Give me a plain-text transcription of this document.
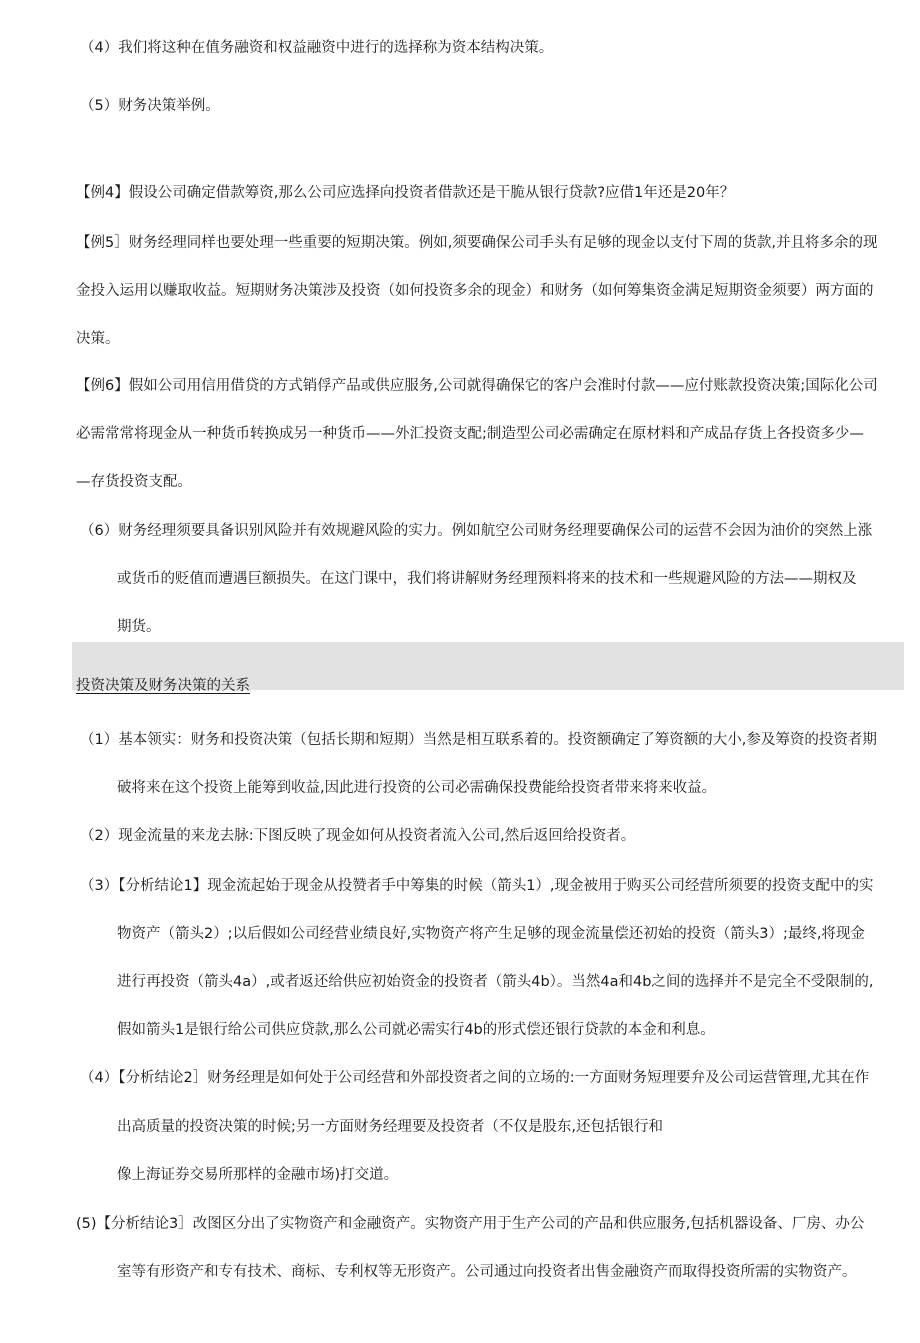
（4）我们将这种在值务融资和权益融资中进行的选择称为资本结构决策。
（5）财务决策举例。
【例4】假设公司确定借款筹资,那么公司应选择向投资者借款还是干脆从银行贷款?应借1年还是20年？
【例5］财务经理同样也要处理一些重要的短期决策。例如,须要确保公司手头有足够的现金以支付下周的货款,并且将多余的现
金投入运用以赚取收益。短期财务决策涉及投资（如何投资多余的现金）和财务（如何筹集资金满足短期资金须要）两方面的
决策。
【例6】假如公司用信用借贷的方式销俘产品或供应服务,公司就得确保它的客户会准时付款——应付账款投资决策;国际化公司
必需常常将现金从一种货币转换成另一种货币——外汇投资支配;制造型公司必需确定在原材料和产成品存货上各投资多少—
—存货投资支配。
（6）财务经理须要具备识别风险并有效规避风险的实力。例如航空公司财务经理要确保公司的运营不会因为油价的突然上涨
或货币的贬值而遭遇巨额损失。在这门课中，我们将讲解财务经理预料将来的技术和一些规避风险的方法——期权及
期货。
投资决策及财务决策的关系
（1）基本领实：财务和投资决策（包括长期和短期）当然是相互联系着的。投资额确定了筹资额的大小,参及筹资的投资者期
破将来在这个投资上能筹到收益,因此进行投资的公司必需确保投费能给投资者带来将来收益。
（2）现金流量的来龙去脉:下图反映了现金如何从投资者流入公司,然后返回给投资者。
（3）【分析结论1】现金流起始于现金从投赞者手中筹集的时候（箭头1）,现金被用于购买公司经营所须要的投资支配中的实
物资产（箭头2）;以后假如公司经营业绩良好,实物资产将产生足够的现金流量偿还初始的投资（箭头3）;最终,将现金
进行再投资（箭头4a）,或者返还给供应初始资金的投资者（箭头4b）。当然4a和4b之间的选择并不是完全不受限制的,
假如箭头1是银行给公司供应贷款,那么公司就必需实行4b的形式偿还银行贷款的本金和利息。
（4）【分析结论2］财务经理是如何处于公司经营和外部投资者之间的立场的:一方面财务短理要弁及公司运营管理,尤其在作
出高质量的投资决策的时候;另一方面财务经理要及投资者（不仅是股东,还包括银行和
像上海证券交易所那样的金融市场)打交道。
(5)【分析结论3］改图区分出了实物资产和金融资产。实物资产用于生产公司的产品和供应服务,包括机器设备、厂房、办公
室等有形资产和专有技术、商标、专利权等无形资产。公司通过向投资者出售金融资产而取得投资所需的实物资产。
